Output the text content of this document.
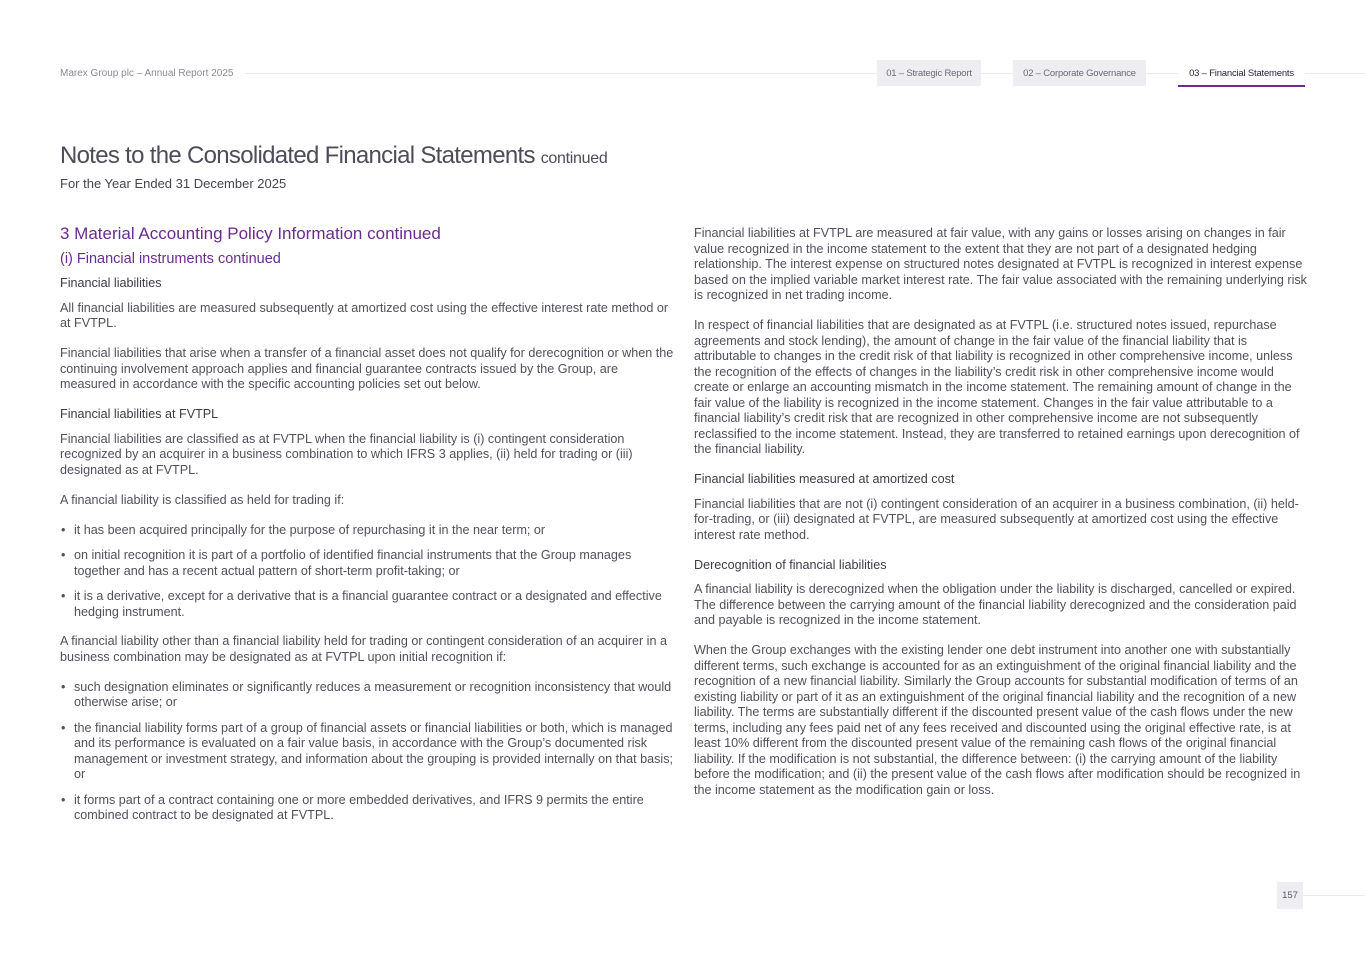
Marex Group plc – Annual Report 2025	01 – Strategic Report	02 – Corporate Governance	03 – Financial Statements
Notes to the Consolidated Financial Statements continued
For the Year Ended 31 December 2025
3 Material Accounting Policy Information continued
(i) Financial instruments continued
Financial liabilities

All financial liabilities are measured subsequently at amortized cost using the effective interest rate method or at FVTPL.

Financial liabilities that arise when a transfer of a financial asset does not qualify for derecognition or when the continuing involvement approach applies and financial guarantee contracts issued by the Group, are measured in accordance with the specific accounting policies set out below.

Financial liabilities at FVTPL

Financial liabilities are classified as at FVTPL when the financial liability is (i) contingent consideration recognized by an acquirer in a business combination to which IFRS 3 applies, (ii) held for trading or (iii) designated as at FVTPL.

A financial liability is classified as held for trading if:

• it has been acquired principally for the purpose of repurchasing it in the near term; or
• on initial recognition it is part of a portfolio of identified financial instruments that the Group manages together and has a recent actual pattern of short-term profit-taking; or
• it is a derivative, except for a derivative that is a financial guarantee contract or a designated and effective hedging instrument.

A financial liability other than a financial liability held for trading or contingent consideration of an acquirer in a business combination may be designated as at FVTPL upon initial recognition if:

• such designation eliminates or significantly reduces a measurement or recognition inconsistency that would otherwise arise; or
• the financial liability forms part of a group of financial assets or financial liabilities or both, which is managed and its performance is evaluated on a fair value basis, in accordance with the Group’s documented risk management or investment strategy, and information about the grouping is provided internally on that basis; or
• it forms part of a contract containing one or more embedded derivatives, and IFRS 9 permits the entire combined contract to be designated at FVTPL.

Financial liabilities at FVTPL are measured at fair value, with any gains or losses arising on changes in fair value recognized in the income statement to the extent that they are not part of a designated hedging relationship. The interest expense on structured notes designated at FVTPL is recognized in interest expense based on the implied variable market interest rate. The fair value associated with the remaining underlying risk is recognized in net trading income.

In respect of financial liabilities that are designated as at FVTPL (i.e. structured notes issued, repurchase agreements and stock lending), the amount of change in the fair value of the financial liability that is attributable to changes in the credit risk of that liability is recognized in other comprehensive income, unless the recognition of the effects of changes in the liability’s credit risk in other comprehensive income would create or enlarge an accounting mismatch in the income statement. The remaining amount of change in the fair value of the liability is recognized in the income statement. Changes in the fair value attributable to a financial liability’s credit risk that are recognized in other comprehensive income are not subsequently reclassified to the income statement. Instead, they are transferred to retained earnings upon derecognition of the financial liability.

Financial liabilities measured at amortized cost

Financial liabilities that are not (i) contingent consideration of an acquirer in a business combination, (ii) held-for-trading, or (iii) designated at FVTPL, are measured subsequently at amortized cost using the effective interest rate method.

Derecognition of financial liabilities

A financial liability is derecognized when the obligation under the liability is discharged, cancelled or expired. The difference between the carrying amount of the financial liability derecognized and the consideration paid and payable is recognized in the income statement.

When the Group exchanges with the existing lender one debt instrument into another one with substantially different terms, such exchange is accounted for as an extinguishment of the original financial liability and the recognition of a new financial liability. Similarly the Group accounts for substantial modification of terms of an existing liability or part of it as an extinguishment of the original financial liability and the recognition of a new liability. The terms are substantially different if the discounted present value of the cash flows under the new terms, including any fees paid net of any fees received and discounted using the original effective rate, is at least 10% different from the discounted present value of the remaining cash flows of the original financial liability. If the modification is not substantial, the difference between: (i) the carrying amount of the liability before the modification; and (ii) the present value of the cash flows after modification should be recognized in the income statement as the modification gain or loss.

157
